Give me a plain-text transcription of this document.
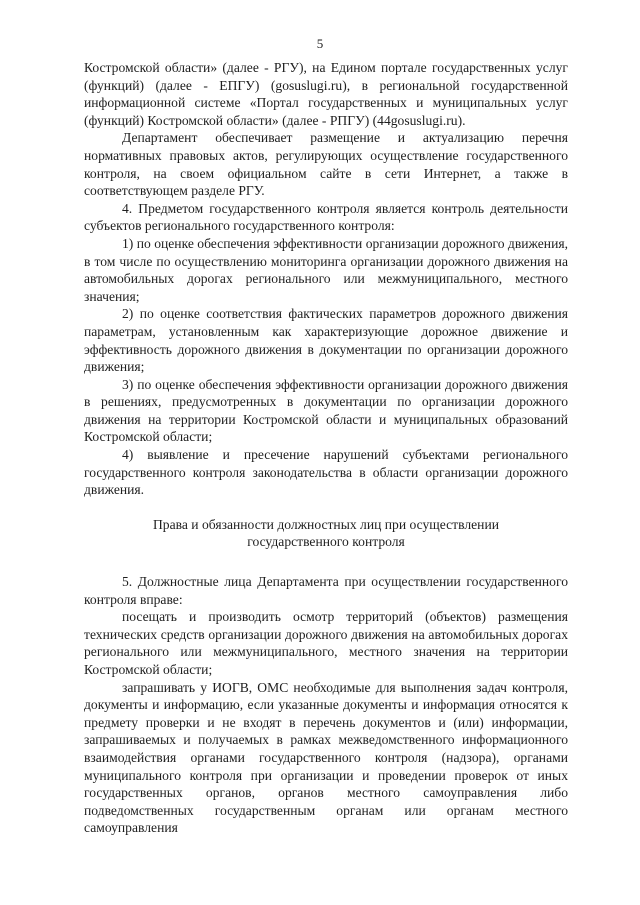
5

Костромской области» (далее - РГУ), на Едином портале государственных услуг (функций) (далее - ЕПГУ) (gosuslugi.ru), в региональной государственной информационной системе «Портал государственных и муниципальных услуг (функций) Костромской области» (далее - РПГУ) (44gosuslugi.ru).

Департамент обеспечивает размещение и актуализацию перечня нормативных правовых актов, регулирующих осуществление государственного контроля, на своем официальном сайте в сети Интернет, а также в соответствующем разделе РГУ.

4. Предметом государственного контроля является контроль деятельности субъектов регионального государственного контроля:

1) по оценке обеспечения эффективности организации дорожного движения, в том числе по осуществлению мониторинга организации дорожного движения на автомобильных дорогах регионального или межмуниципального, местного значения;

2) по оценке соответствия фактических параметров дорожного движения параметрам, установленным как характеризующие дорожное движение и эффективность дорожного движения в документации по организации дорожного движения;

3) по оценке обеспечения эффективности организации дорожного движения в решениях, предусмотренных в документации по организации дорожного движения на территории Костромской области и муниципальных образований Костромской области;

4) выявление и пресечение нарушений субъектами регионального государственного контроля законодательства в области организации дорожного движения.

Права и обязанности должностных лиц при осуществлении

государственного контроля

5. Должностные лица Департамента при осуществлении государственного контроля вправе:

посещать и производить осмотр территорий (объектов) размещения технических средств организации дорожного движения на автомобильных дорогах регионального или межмуниципального, местного значения на территории Костромской области;

запрашивать у ИОГВ, ОМС необходимые для выполнения задач контроля, документы и информацию, если указанные документы и информация относятся к предмету проверки и не входят в перечень документов и (или) информации, запрашиваемых и получаемых в рамках межведомственного информационного взаимодействия органами государственного контроля (надзора), органами муниципального контроля при организации и проведении проверок от иных государственных органов, органов местного самоуправления либо подведомственных государственным органам или органам местного самоуправления
